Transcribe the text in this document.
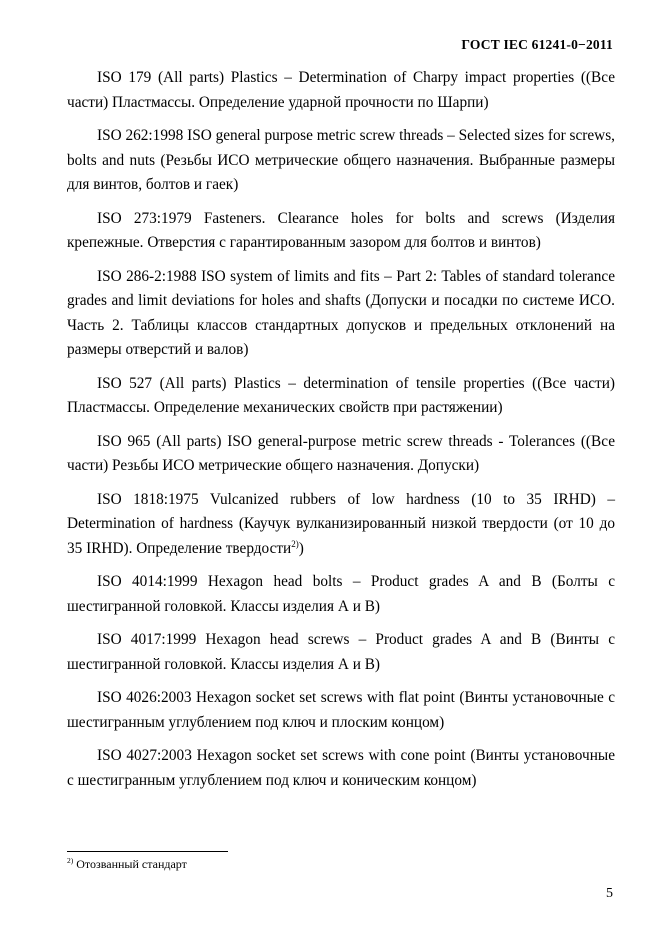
ГОСТ IEC 61241-0−2011

ISO 179 (All parts) Plastics – Determination of Charpy impact properties ((Все части) Пластмассы. Определение ударной прочности по Шарпи)

ISO 262:1998 ISO general purpose metric screw threads – Selected sizes for screws, bolts and nuts (Резьбы ИСО метрические общего назначения. Выбранные размеры для винтов, болтов и гаек)

ISO 273:1979 Fasteners. Clearance holes for bolts and screws (Изделия крепежные. Отверстия с гарантированным зазором для болтов и винтов)

ISO 286-2:1988 ISO system of limits and fits – Part 2: Tables of standard tolerance grades and limit deviations for holes and shafts (Допуски и посадки по системе ИСО. Часть 2. Таблицы классов стандартных допусков и предельных отклонений на размеры отверстий и валов)

ISO 527 (All parts) Plastics – determination of tensile properties ((Все части) Пластмассы. Определение механических свойств при растяжении)

ISO 965 (All parts) ISO general-purpose metric screw threads - Tolerances ((Все части) Резьбы ИСО метрические общего назначения. Допуски)

ISO 1818:1975 Vulcanized rubbers of low hardness (10 to 35 IRHD) – Determination of hardness (Каучук вулканизированный низкой твердости (от 10 до 35 IRHD). Определение твердости$^{2)}$)

ISO 4014:1999 Hexagon head bolts – Product grades A and B (Болты с шестигранной головкой. Классы изделия А и В)

ISO 4017:1999 Hexagon head screws – Product grades A and B (Винты с шестигранной головкой. Классы изделия А и В)

ISO 4026:2003 Hexagon socket set screws with flat point (Винты установочные с шестигранным углублением под ключ и плоским концом)

ISO 4027:2003 Hexagon socket set screws with cone point (Винты установочные с шестигранным углублением под ключ и коническим концом)

$^{2)}$ Отозванный стандарт
5
